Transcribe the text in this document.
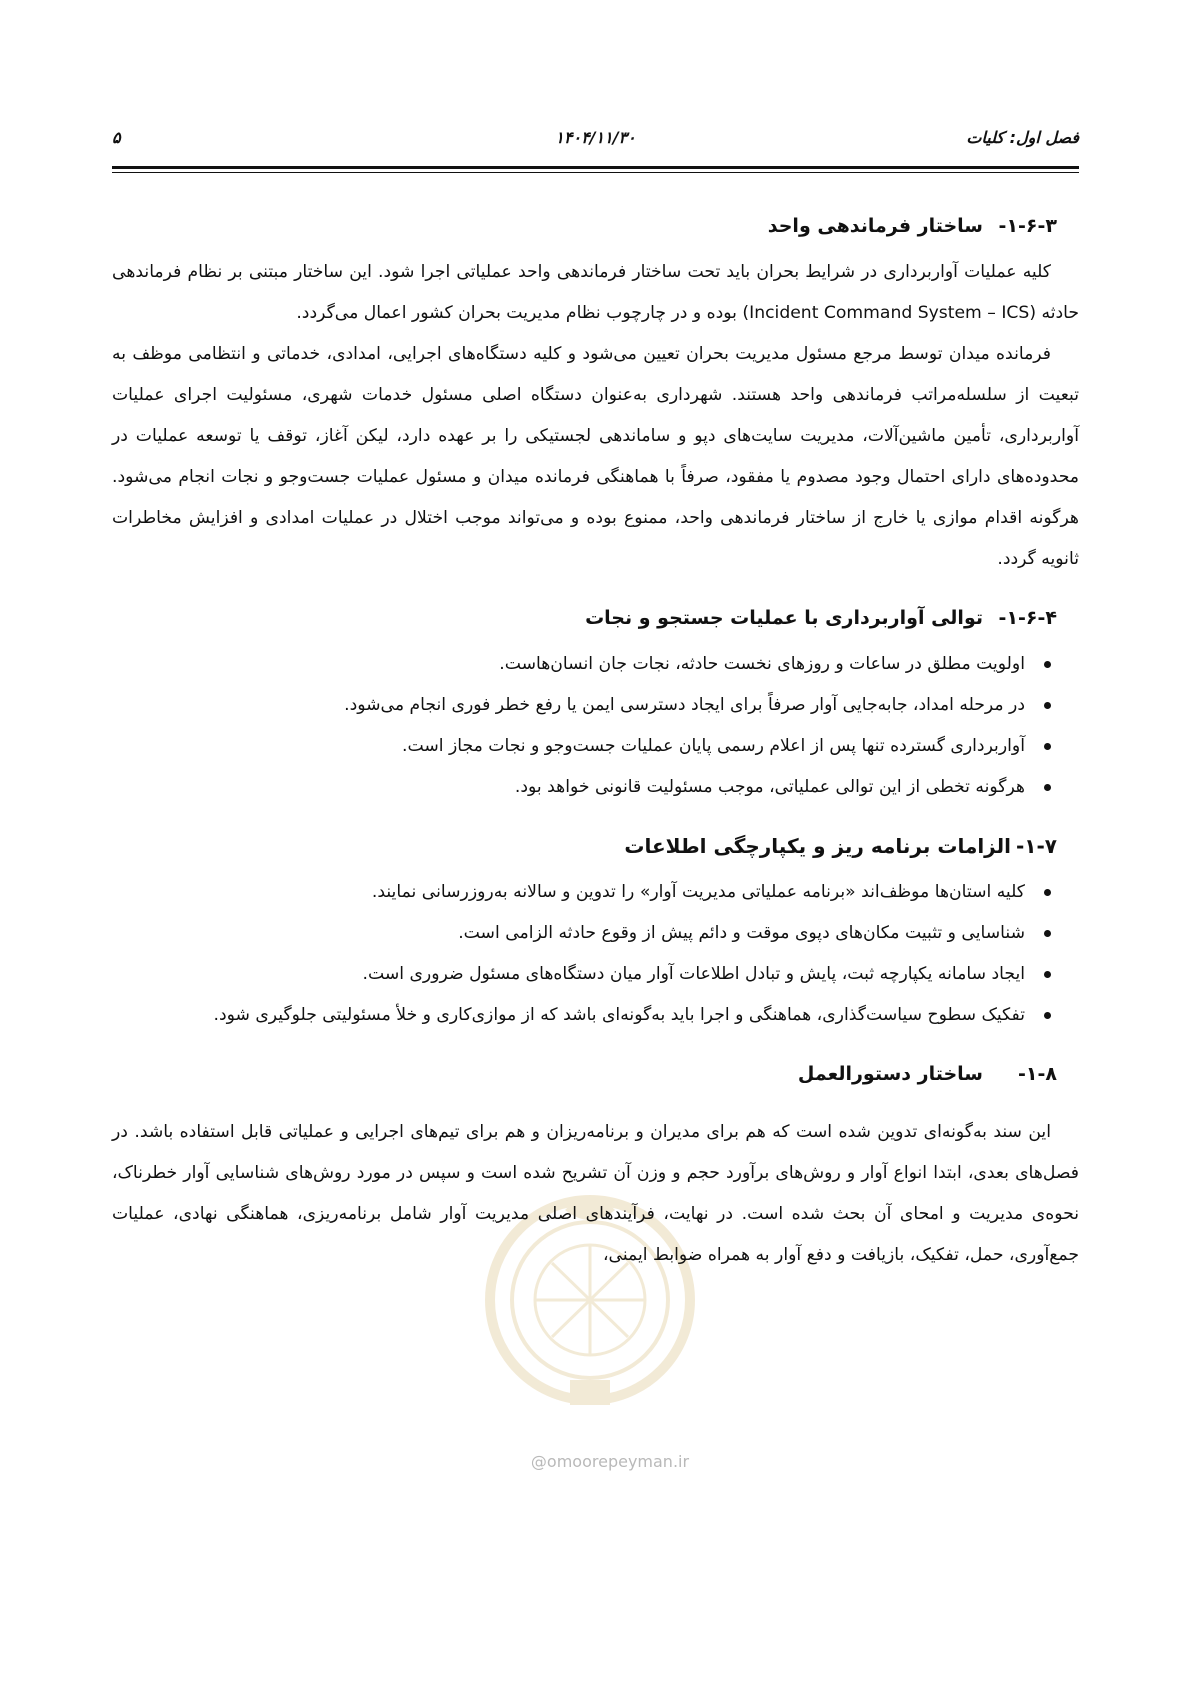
فصل اول: کلیات
۱۴۰۴/۱۱/۳۰
۵
@omoorepeyman.ir
۱-۶-۳-
ساختار فرماندهی واحد

کلیه عملیات آواربرداری در شرایط بحران باید تحت ساختار فرماندهی واحد عملیاتی اجرا شود. این ساختار مبتنی بر نظام فرماندهی حادثه (Incident Command System – ICS) بوده و در چارچوب نظام مدیریت بحران کشور اعمال می‌گردد.

فرمانده میدان توسط مرجع مسئول مدیریت بحران تعیین می‌شود و کلیه دستگاه‌های اجرایی، امدادی، خدماتی و انتظامی موظف به تبعیت از سلسله‌مراتب فرماندهی واحد هستند. شهرداری به‌عنوان دستگاه اصلی مسئول خدمات شهری، مسئولیت اجرای عملیات آواربرداری، تأمین ماشین‌آلات، مدیریت سایت‌های دپو و ساماندهی لجستیکی را بر عهده دارد، لیکن آغاز، توقف یا توسعه عملیات در محدوده‌های دارای احتمال وجود مصدوم یا مفقود، صرفاً با هماهنگی فرمانده میدان و مسئول عملیات جست‌وجو و نجات انجام می‌شود. هرگونه اقدام موازی یا خارج از ساختار فرماندهی واحد، ممنوع بوده و می‌تواند موجب اختلال در عملیات امدادی و افزایش مخاطرات ثانویه گردد.

۱-۶-۴-
توالی آواربرداری با عملیات جستجو و نجات
اولویت مطلق در ساعات و روزهای نخست حادثه، نجات جان انسان‌هاست.
در مرحله امداد، جابه‌جایی آوار صرفاً برای ایجاد دسترسی ایمن یا رفع خطر فوری انجام می‌شود.
آواربرداری گسترده تنها پس از اعلام رسمی پایان عملیات جست‌وجو و نجات مجاز است.
هرگونه تخطی از این توالی عملیاتی، موجب مسئولیت قانونی خواهد بود.
۱-۷-
الزامات برنامه ریز و یکپارچگی اطلاعات
کلیه استان‌ها موظف‌اند «برنامه عملیاتی مدیریت آوار» را تدوین و سالانه به‌روزرسانی نمایند.
شناسایی و تثبیت مکان‌های دپوی موقت و دائم پیش از وقوع حادثه الزامی است.
ایجاد سامانه یکپارچه ثبت، پایش و تبادل اطلاعات آوار میان دستگاه‌های مسئول ضروری است.
تفکیک سطوح سیاست‌گذاری، هماهنگی و اجرا باید به‌گونه‌ای باشد که از موازی‌کاری و خلأ مسئولیتی جلوگیری شود.
۱-۸-
ساختار دستورالعمل

این سند به‌گونه‌ای تدوین شده است که هم برای مدیران و برنامه‌ریزان و هم برای تیم‌های اجرایی و عملیاتی قابل استفاده باشد. در فصل‌های بعدی، ابتدا انواع آوار و روش‌های برآورد حجم و وزن آن تشریح شده است و سپس در مورد روش‌های شناسایی آوار خطرناک، نحوه‌ی مدیریت و امحای آن بحث شده است. در نهایت، فرآیندهای اصلی مدیریت آوار شامل برنامه‌ریزی، هماهنگی نهادی، عملیات جمع‌آوری، حمل، تفکیک، بازیافت و دفع آوار به همراه ضوابط ایمنی،
